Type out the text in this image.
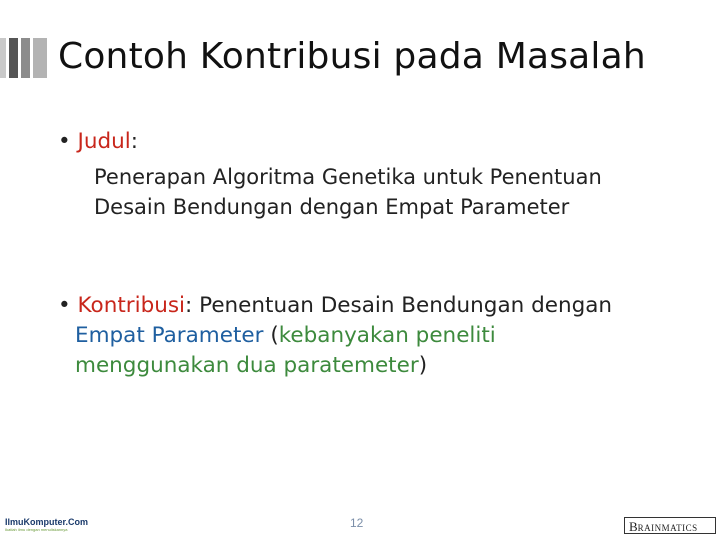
Contoh Kontribusi pada Masalah
• Judul:
Penerapan Algoritma Genetika untuk Penentuan
Desain Bendungan dengan Empat Parameter
• Kontribusi: Penentuan Desain Bendungan dengan
Empat Parameter (kebanyakan peneliti
menggunakan dua paratemeter)
IlmuKomputer.Com
Ikatlah ilmu dengan menuliskannya	12	BRAINMATICS
